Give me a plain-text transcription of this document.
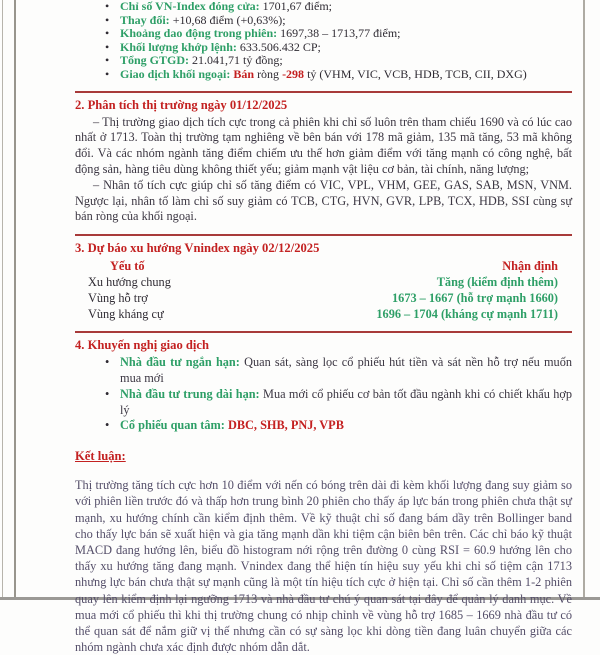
• Chỉ số VN-Index đóng cửa: 1701,67 điểm;
• Thay đổi: +10,68 điểm (+0,63%);
• Khoảng dao động trong phiên: 1697,38 – 1713,77 điểm;
• Khối lượng khớp lệnh: 633.506.432 CP;
• Tổng GTGD: 21.041,71 tỷ đồng;
• Giao dịch khối ngoại: Bán ròng -298 tỷ (VHM, VIC, VCB, HDB, TCB, CII, DXG)
2. Phân tích thị trường ngày 01/12/2025

– Thị trường giao dịch tích cực trong cả phiên khi chỉ số luôn trên tham chiếu 1690 và có lúc cao nhất ở 1713. Toàn thị trường tạm nghiêng về bên bán với 178 mã giảm, 135 mã tăng, 53 mã không đổi. Và các nhóm ngành tăng điểm chiếm ưu thế hơn giảm điểm với tăng mạnh có công nghệ, bất động sản, hàng tiêu dùng không thiết yếu; giảm mạnh vật liệu cơ bản, tài chính, năng lượng;

– Nhân tố tích cực giúp chỉ số tăng điểm có VIC, VPL, VHM, GEE, GAS, SAB, MSN, VNM. Ngược lại, nhân tố làm chỉ số suy giảm có TCB, CTG, HVN, GVR, LPB, TCX, HDB, SSI cùng sự bán ròng của khối ngoại.

3. Dự báo xu hướng Vnindex ngày 02/12/2025
Yếu tố	Nhận định
Xu hướng chung	Tăng (kiểm định thêm)
Vùng hỗ trợ	1673 – 1667 (hỗ trợ mạnh 1660)
Vùng kháng cự	1696 – 1704 (kháng cự mạnh 1711)
4. Khuyến nghị giao dịch
• Nhà đầu tư ngắn hạn: Quan sát, sàng lọc cổ phiếu hút tiền và sát nền hỗ trợ nếu muốn mua mới
• Nhà đầu tư trung dài hạn: Mua mới cổ phiếu cơ bản tốt đầu ngành khi có chiết khấu hợp lý
• Cổ phiếu quan tâm: DBC, SHB, PNJ, VPB
Kết luận:

Thị trường tăng tích cực hơn 10 điểm với nến có bóng trên dài đi kèm khối lượng đang suy giảm so với phiên liền trước đó và thấp hơn trung bình 20 phiên cho thấy áp lực bán trong phiên chưa thật sự mạnh, xu hướng chính cần kiểm định thêm. Về kỹ thuật chỉ số đang bám dầy trên Bollinger band cho thấy lực bán sẽ xuất hiện và gia tăng mạnh dần khi tiệm cận biên bên trên. Các chỉ báo kỹ thuật MACD đang hướng lên, biểu đồ histogram nới rộng trên đường 0 cùng RSI = 60.9 hướng lên cho thấy xu hướng tăng đang mạnh. Vnindex đang thể hiện tín hiệu suy yếu khi chỉ số tiệm cận 1713 nhưng lực bán chưa thật sự mạnh cũng là một tín hiệu tích cực ở hiện tại. Chỉ số cần thêm 1-2 phiên quay lên kiểm định lại ngưỡng 1713 và nhà đầu tư chú ý quan sát tại đây để quản lý danh mục. Về mua mới cổ phiếu thì khi thị trường chung có nhịp chỉnh về vùng hỗ trợ 1685 – 1669 nhà đầu tư có thể quan sát để nắm giữ vị thế nhưng cần có sự sàng lọc khi dòng tiền đang luân chuyển giữa các nhóm ngành chưa xác định được nhóm dẫn dắt.
